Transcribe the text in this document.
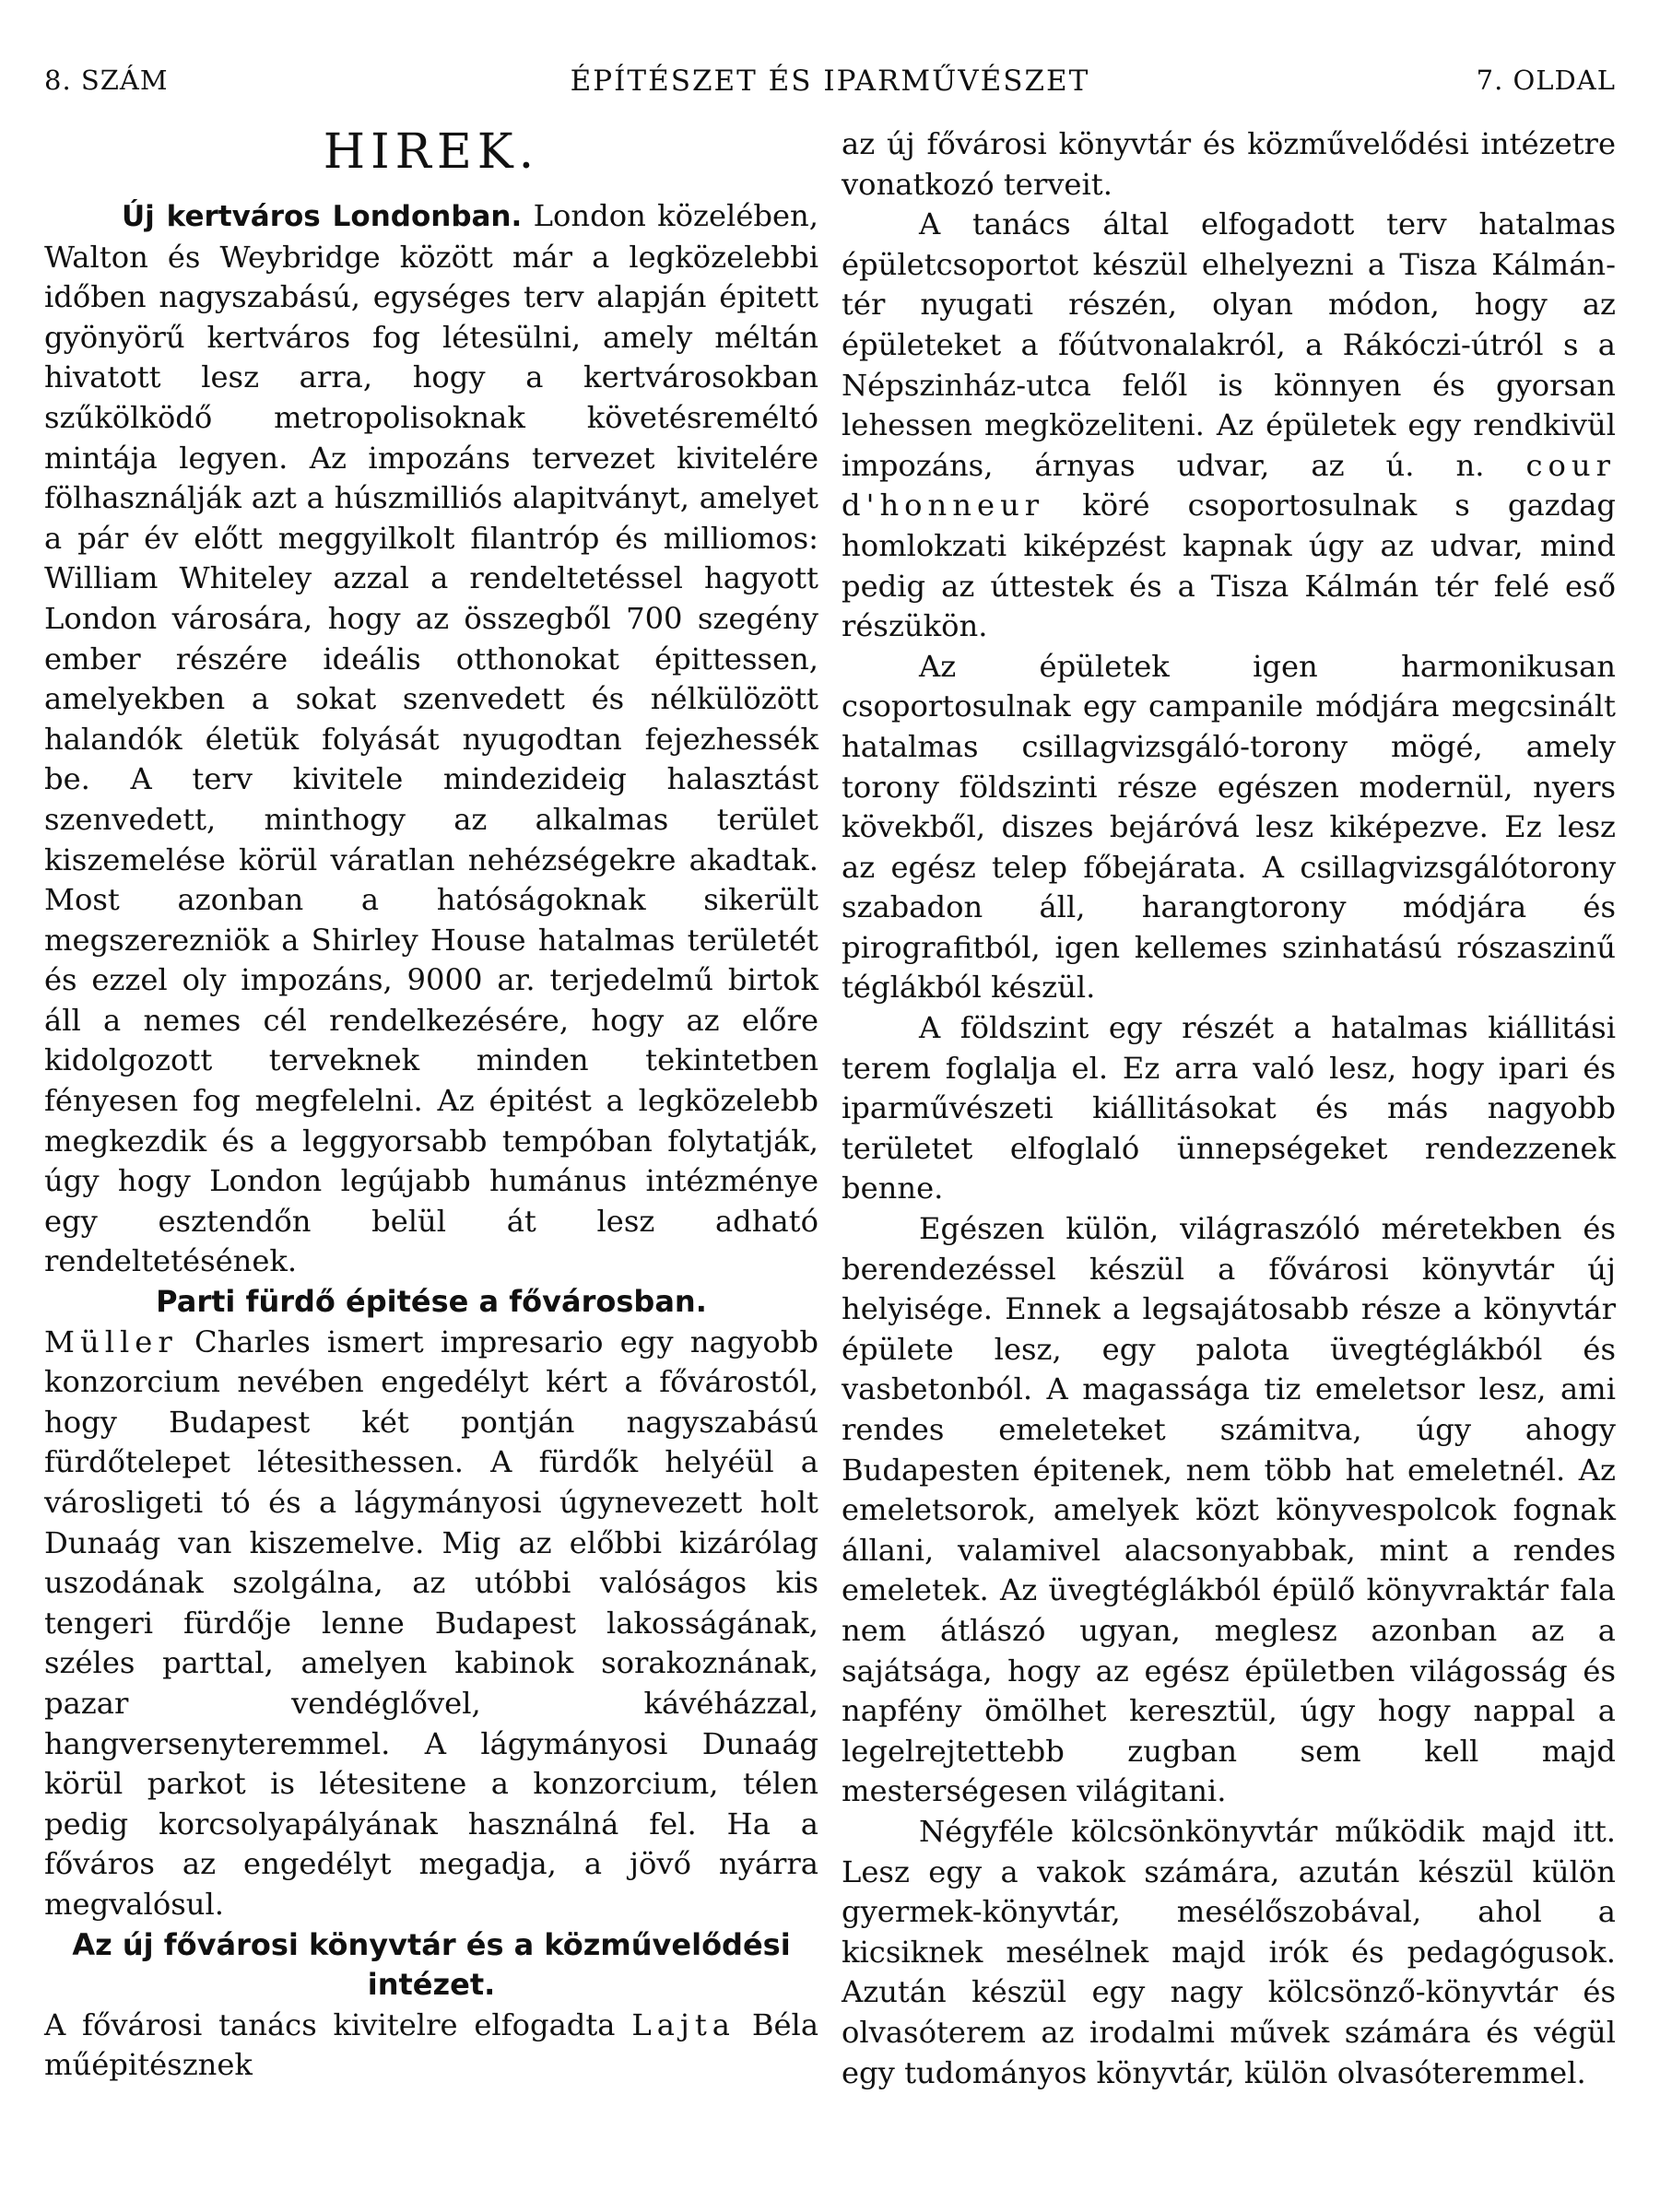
8. SZÁM	ÉPÍTÉSZET ÉS IPARMŰVÉSZET	7. OLDAL
HIREK.

Új kertváros Londonban. London közelében, Walton és Weybridge között már a legközelebbi időben nagyszabású, egységes terv alapján épitett gyönyörű kertváros fog létesülni, amely méltán hivatott lesz arra, hogy a kertvárosokban szűkölködő metropolisoknak követésreméltó mintája legyen. Az impozáns tervezet kivitelére fölhasználják azt a húszmilliós alapitványt, amelyet a pár év előtt meggyilkolt filantróp és milliomos: William Whiteley azzal a rendeltetéssel hagyott London városára, hogy az összegből 700 szegény ember részére ideális otthonokat épittessen, amelyekben a sokat szenvedett és nélkülözött halandók életük folyását nyugodtan fejezhessék be. A terv kivitele mindezideig halasztást szenvedett, minthogy az alkalmas terület kiszemelése körül váratlan nehézségekre akadtak. Most azonban a hatóságoknak sikerült megszerezniök a Shirley House hatalmas területét és ezzel oly impozáns, 9000 ar. terjedelmű birtok áll a nemes cél rendelkezésére, hogy az előre kidolgozott terveknek minden tekintetben fényesen fog megfelelni. Az épitést a legközelebb megkezdik és a leggyorsabb tempóban folytatják, úgy hogy London legújabb humánus intézménye egy esztendőn belül át lesz adható rendeltetésének.

Parti fürdő épitése a fővárosban.
Müller Charles ismert impresario egy nagyobb konzorcium nevében engedélyt kért a fővárostól, hogy Budapest két pontján nagyszabású fürdőtelepet létesithessen. A fürdők helyéül a városligeti tó és a lágymányosi úgynevezett holt Dunaág van kiszemelve. Mig az előbbi kizárólag uszodának szolgálna, az utóbbi valóságos kis tengeri fürdője lenne Budapest lakosságának, széles parttal, amelyen kabinok sorakoznának, pazar vendéglővel, kávéházzal, hangversenyteremmel. A lágymányosi Dunaág körül parkot is létesitene a konzorcium, télen pedig korcsolyapályának használná fel. Ha a főváros az engedélyt megadja, a jövő nyárra megvalósul.

Az új fővárosi könyvtár és a közművelődési intézet.
A fővárosi tanács kivitelre elfogadta Lajta Béla műépitésznek

az új fővárosi könyvtár és közművelődési intézetre vonatkozó terveit.

A tanács által elfogadott terv hatalmas épületcsoportot készül elhelyezni a Tisza Kálmán-tér nyugati részén, olyan módon, hogy az épületeket a főútvonalakról, a Rákóczi-útról s a Népszinház-utca felől is könnyen és gyorsan lehessen megközeliteni. Az épületek egy rendkivül impozáns, árnyas udvar, az ú. n. cour d'honneur köré csoportosulnak s gazdag homlokzati kiképzést kapnak úgy az udvar, mind pedig az úttestek és a Tisza Kálmán tér felé eső részükön.

Az épületek igen harmonikusan csoportosulnak egy campanile módjára megcsinált hatalmas csillagvizsgáló-torony mögé, amely torony földszinti része egészen modernül, nyers kövekből, diszes bejáróvá lesz kiképezve. Ez lesz az egész telep főbejárata. A csillagvizsgálótorony szabadon áll, harangtorony módjára és pirografitból, igen kellemes szinhatású rószaszinű téglákból készül.

A földszint egy részét a hatalmas kiállitási terem foglalja el. Ez arra való lesz, hogy ipari és iparművészeti kiállitásokat és más nagyobb területet elfoglaló ünnepségeket rendezzenek benne.

Egészen külön, világraszóló méretekben és berendezéssel készül a fővárosi könyvtár új helyisége. Ennek a legsajátosabb része a könyvtár épülete lesz, egy palota üvegtéglákból és vasbetonból. A magassága tiz emeletsor lesz, ami rendes emeleteket számitva, úgy ahogy Budapesten épitenek, nem több hat emeletnél. Az emeletsorok, amelyek közt könyvespolcok fognak állani, valamivel alacsonyabbak, mint a rendes emeletek. Az üvegtéglákból épülő könyvraktár fala nem átlászó ugyan, meglesz azonban az a sajátsága, hogy az egész épületben világosság és napfény ömölhet keresztül, úgy hogy nappal a legelrejtettebb zugban sem kell majd mesterségesen világitani.

Négyféle kölcsönkönyvtár működik majd itt. Lesz egy a vakok számára, azután készül külön gyermek-könyvtár, mesélőszobával, ahol a kicsiknek mesélnek majd irók és pedagógusok. Azután készül egy nagy kölcsönző-könyvtár és olvasóterem az irodalmi művek számára és végül egy tudományos könyvtár, külön olvasóteremmel.
